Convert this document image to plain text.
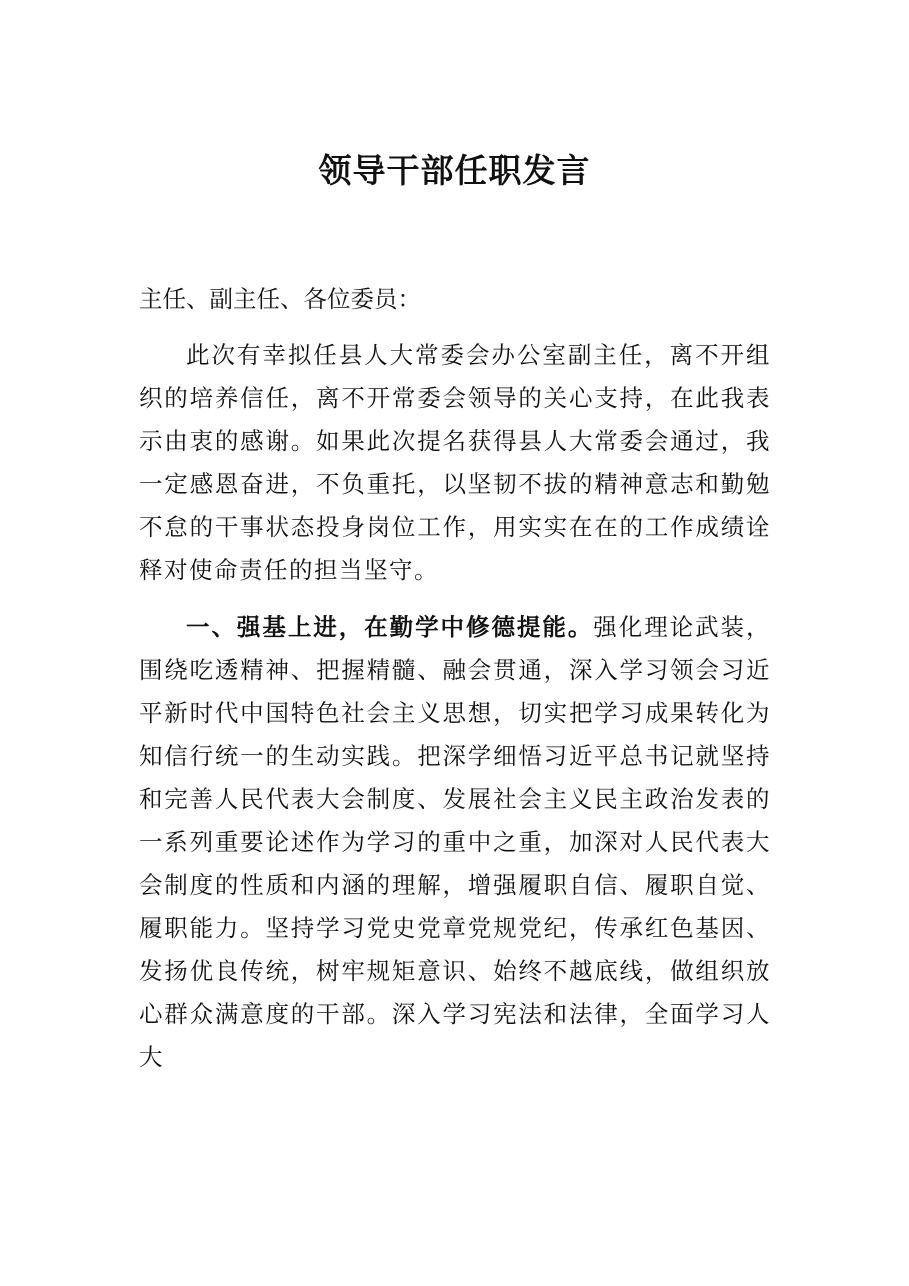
领导干部任职发言

主任、副主任、各位委员：

此次有幸拟任县人大常委会办公室副主任，离不开组织的培养信任，离不开常委会领导的关心支持，在此我表示由衷的感谢。如果此次提名获得县人大常委会通过，我一定感恩奋进，不负重托，以坚韧不拔的精神意志和勤勉不怠的干事状态投身岗位工作，用实实在在的工作成绩诠释对使命责任的担当坚守。

一、强基上进，在勤学中修德提能。强化理论武装，围绕吃透精神、把握精髓、融会贯通，深入学习领会习近平新时代中国特色社会主义思想，切实把学习成果转化为知信行统一的生动实践。把深学细悟习近平总书记就坚持和完善人民代表大会制度、发展社会主义民主政治发表的一系列重要论述作为学习的重中之重，加深对人民代表大会制度的性质和内涵的理解，增强履职自信、履职自觉、履职能力。坚持学习党史党章党规党纪，传承红色基因、发扬优良传统，树牢规矩意识、始终不越底线，做组织放心群众满意度的干部。深入学习宪法和法律，全面学习人大
